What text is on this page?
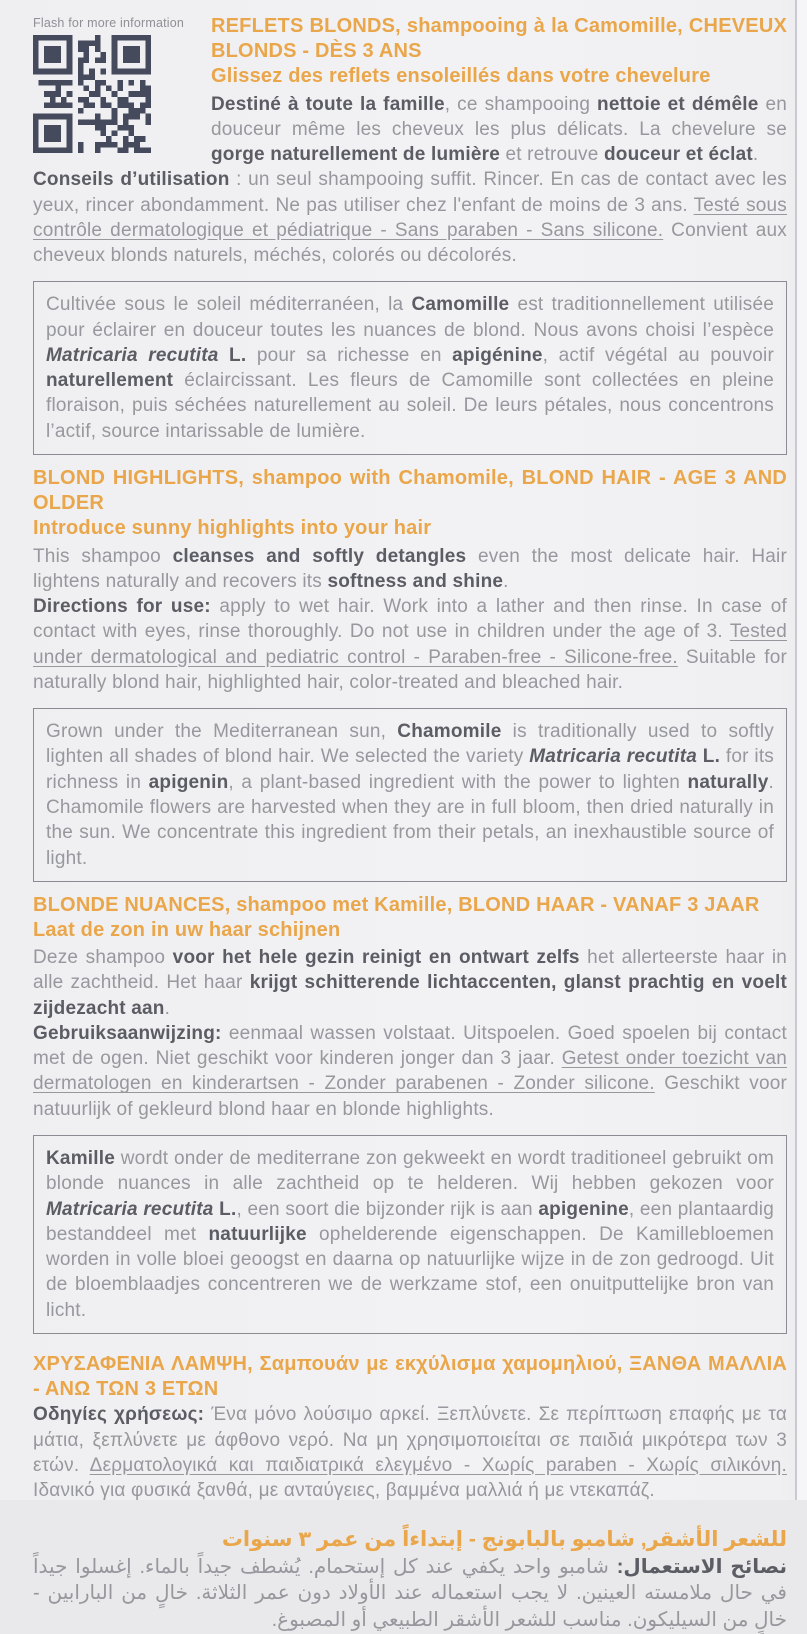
Flash for more information	REFLETS BLONDS, shampooing à la Camomille, CHEVEUX BLONDS - DÈS 3 ANS
Glissez des reflets ensoleillés dans votre chevelure

Destiné à toute la famille, ce shampooing nettoie et démêle en douceur même les cheveux les plus délicats. La chevelure se gorge naturellement de lumière et retrouve douceur et éclat.

Conseils d’utilisation : un seul shampooing suffit. Rincer. En cas de contact avec les yeux, rincer abondamment. Ne pas utiliser chez l'enfant de moins de 3 ans. Testé sous contrôle dermatologique et pédiatrique - Sans paraben - Sans silicone. Convient aux cheveux blonds naturels, méchés, colorés ou décolorés.

Cultivée sous le soleil méditerranéen, la Camomille est traditionnellement utilisée pour éclairer en douceur toutes les nuances de blond. Nous avons choisi l’espèce Matricaria recutita L. pour sa richesse en apigénine, actif végétal au pouvoir naturellement éclaircissant. Les fleurs de Camomille sont collectées en pleine floraison, puis séchées naturellement au soleil. De leurs pétales, nous concentrons l’actif, source intarissable de lumière.
BLOND HIGHLIGHTS, shampoo with Chamomile, BLOND HAIR - AGE 3 AND OLDER
Introduce sunny highlights into your hair

This shampoo cleanses and softly detangles even the most delicate hair. Hair lightens naturally and recovers its softness and shine.

Directions for use: apply to wet hair. Work into a lather and then rinse. In case of contact with eyes, rinse thoroughly. Do not use in children under the age of 3. Tested under dermatological and pediatric control - Paraben-free - Silicone-free. Suitable for naturally blond hair, highlighted hair, color-treated and bleached hair.

Grown under the Mediterranean sun, Chamomile is traditionally used to softly lighten all shades of blond hair. We selected the variety Matricaria recutita L. for its richness in apigenin, a plant-based ingredient with the power to lighten naturally. Chamomile flowers are harvested when they are in full bloom, then dried naturally in the sun. We concentrate this ingredient from their petals, an inexhaustible source of light.
BLONDE NUANCES, shampoo met Kamille, BLOND HAAR - VANAF 3 JAAR
Laat de zon in uw haar schijnen

Deze shampoo voor het hele gezin reinigt en ontwart zelfs het allerteerste haar in alle zachtheid. Het haar krijgt schitterende lichtaccenten, glanst prachtig en voelt zijdezacht aan.

Gebruiksaanwijzing: eenmaal wassen volstaat. Uitspoelen. Goed spoelen bij contact met de ogen. Niet geschikt voor kinderen jonger dan 3 jaar. Getest onder toezicht van dermatologen en kinderartsen - Zonder parabenen - Zonder silicone. Geschikt voor natuurlijk of gekleurd blond haar en blonde highlights.

Kamille wordt onder de mediterrane zon gekweekt en wordt traditioneel gebruikt om blonde nuances in alle zachtheid op te helderen. Wij hebben gekozen voor Matricaria recutita L., een soort die bijzonder rijk is aan apigenine, een plantaardig bestanddeel met natuurlijke ophelderende eigenschappen. De Kamillebloemen worden in volle bloei geoogst en daarna op natuurlijke wijze in de zon gedroogd. Uit de bloemblaadjes concentreren we de werkzame stof, een onuitputtelijke bron van licht.
ΧΡΥΣΑΦΕΝΙΑ ΛΑΜΨΗ, Σαμπουάν με εκχύλισμα χαμομηλιού, ΞΑΝΘΑ ΜΑΛΛΙΑ - ΑΝΩ ΤΩΝ 3 ΕΤΩΝ

Οδηγίες χρήσεως: Ένα μόνο λούσιμο αρκεί. Ξεπλύνετε. Σε περίπτωση επαφής με τα μάτια, ξεπλύνετε με άφθονο νερό. Να μη χρησιμοποιείται σε παιδιά μικρότερα των 3 ετών. Δερματολογικά και παιδιατρικά ελεγμένο - Χωρίς paraben - Χωρίς σιλικόνη. Ιδανικό για φυσικά ξανθά, με ανταύγειες, βαμμένα μαλλιά ή με ντεκαπάζ.

للشعر الأشقر, شامبو بالبابونج - إبتداءاً من عمر ٣ سنوات

نصائح الاستعمال: شامبو واحد يكفي عند كل إستحمام. يُشطف جيداً بالماء. إغسلوا جيداً في حال ملامسته العينين. لا يجب استعماله عند الأولاد دون عمر الثلاثة. خالٍ من البارابين - خالٍ من السيليكون. مناسب للشعر الأشقر الطبيعي أو المصبوغ.
